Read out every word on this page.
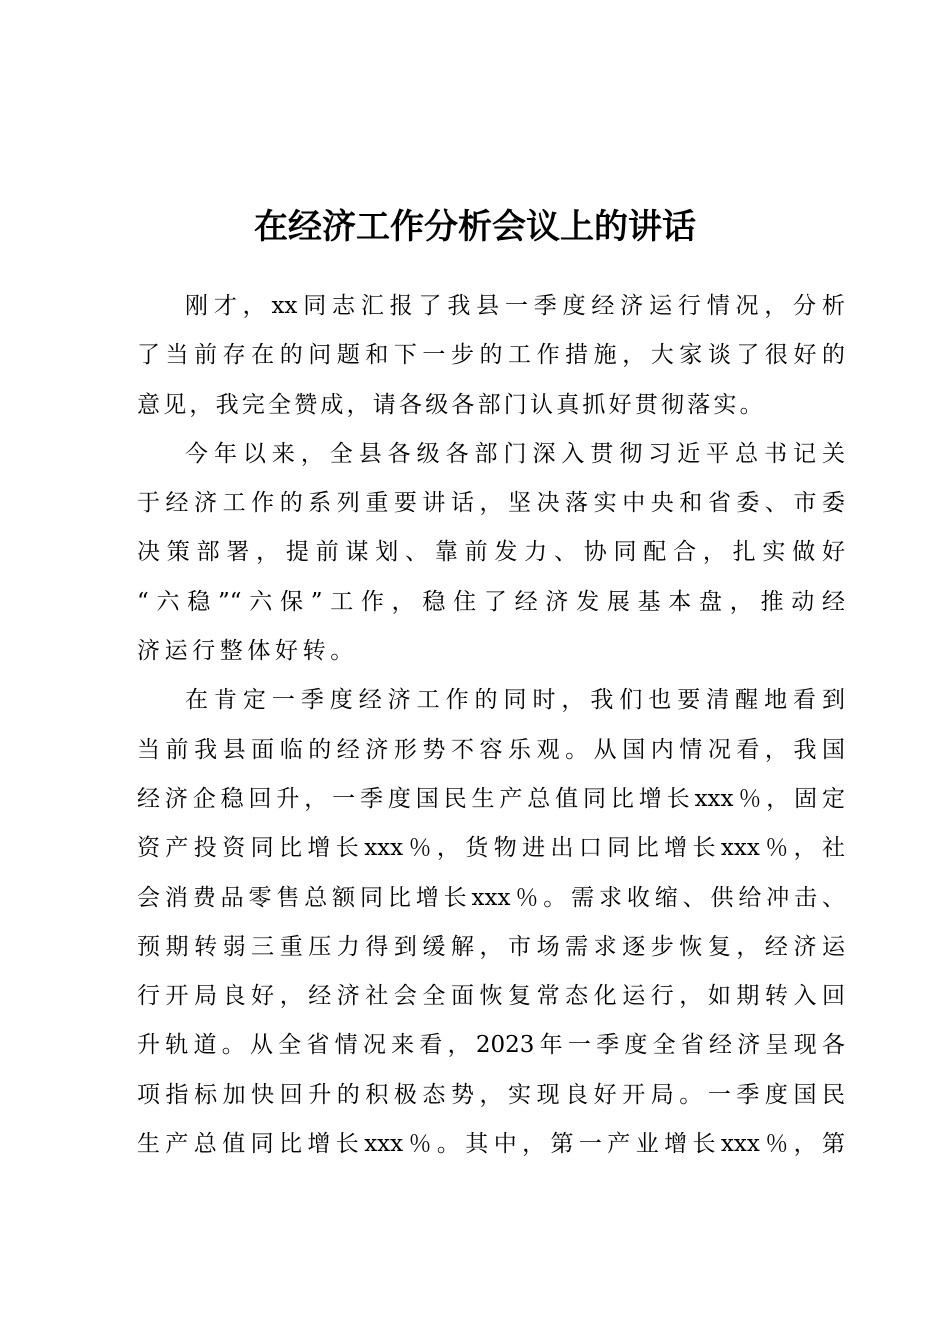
在经济工作分析会议上的讲话
刚才，xx同志汇报了我县一季度经济运行情况，分析
了当前存在的问题和下一步的工作措施，大家谈了很好的
意见，我完全赞成，请各级各部门认真抓好贯彻落实。
今年以来，全县各级各部门深入贯彻习近平总书记关
于经济工作的系列重要讲话，坚决落实中央和省委、市委
决策部署，提前谋划、靠前发力、协同配合，扎实做好
“六稳”“六保”工作，稳住了经济发展基本盘，推动经
济运行整体好转。
在肯定一季度经济工作的同时，我们也要清醒地看到
当前我县面临的经济形势不容乐观。从国内情况看，我国
经济企稳回升，一季度国民生产总值同比增长xxx％，固定
资产投资同比增长xxx％，货物进出口同比增长xxx％，社
会消费品零售总额同比增长xxx％。需求收缩、供给冲击、
预期转弱三重压力得到缓解，市场需求逐步恢复，经济运
行开局良好，经济社会全面恢复常态化运行，如期转入回
升轨道。从全省情况来看，2023年一季度全省经济呈现各
项指标加快回升的积极态势，实现良好开局。一季度国民
生产总值同比增长xxx％。其中，第一产业增长xxx％，第
